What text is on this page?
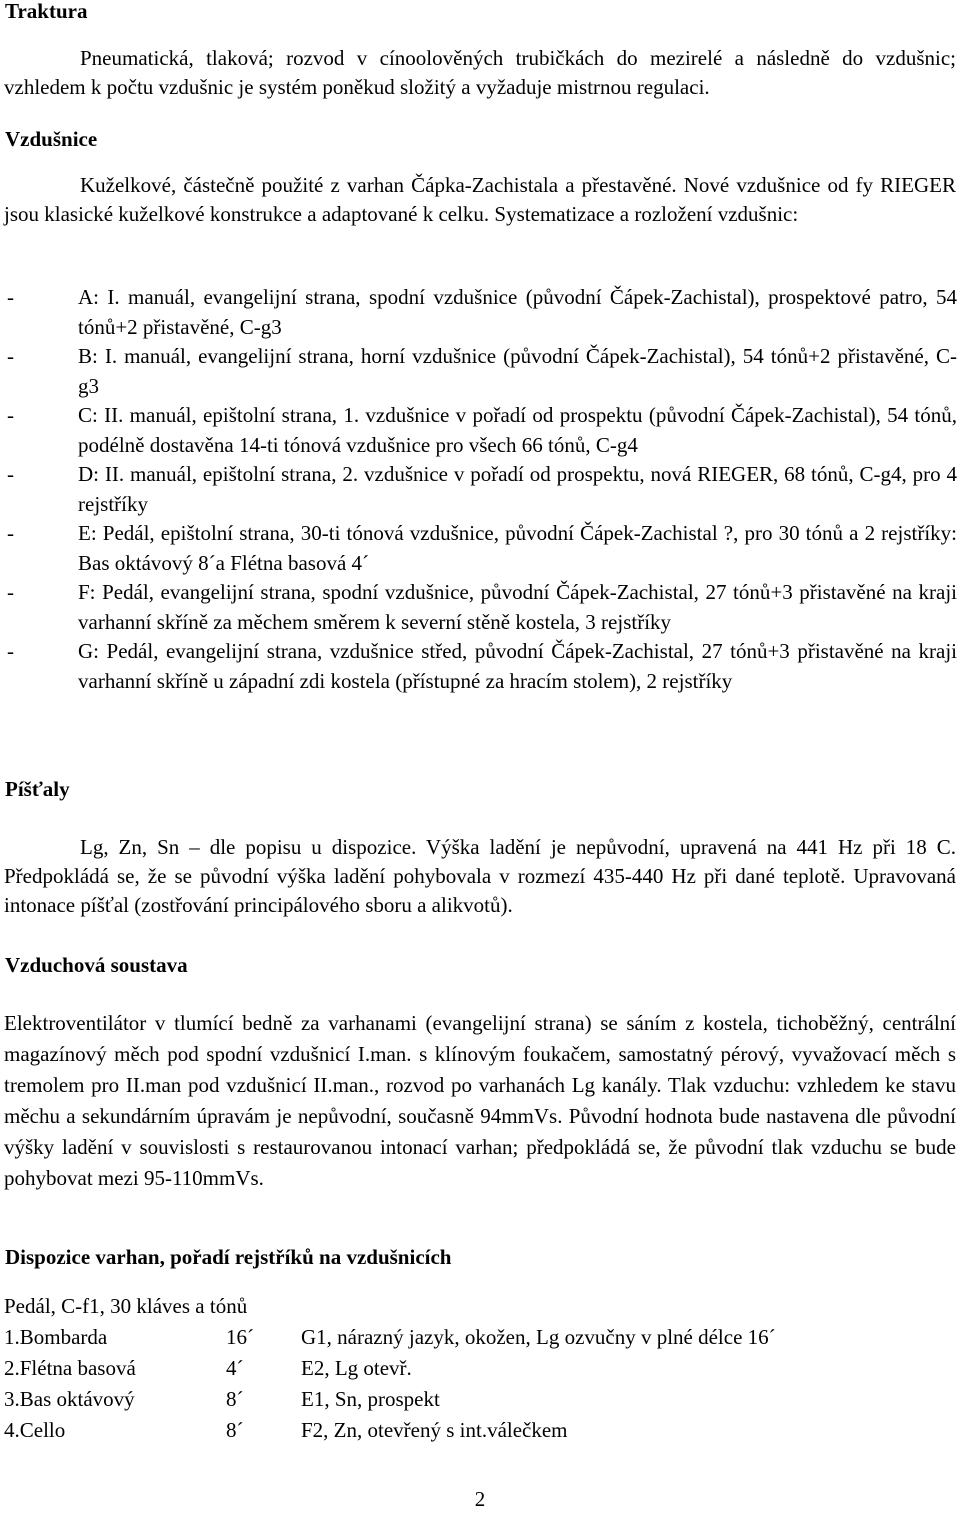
Traktura

Pneumatická, tlaková; rozvod v cínoolověných trubičkách do mezirelé a následně do vzdušnic; vzhledem k počtu vzdušnic je systém poněkud složitý a vyžaduje mistrnou regulaci.

Vzdušnice

Kuželkové, částečně použité z varhan Čápka-Zachistala a přestavěné. Nové vzdušnice od fy RIEGER jsou klasické kuželkové konstrukce a adaptované k celku. Systematizace a rozložení vzdušnic:

-	A: I. manuál, evangelijní strana, spodní vzdušnice (původní Čápek-Zachistal), prospektové patro, 54 tónů+2 přistavěné, C-g3
-	B: I. manuál, evangelijní strana, horní vzdušnice (původní Čápek-Zachistal), 54 tónů+2 přistavěné, C-g3
-	C: II. manuál, epištolní strana, 1. vzdušnice v pořadí od prospektu (původní Čápek-Zachistal), 54 tónů, podélně dostavěna 14-ti tónová vzdušnice pro všech 66 tónů, C-g4
-	D: II. manuál, epištolní strana, 2. vzdušnice v pořadí od prospektu, nová RIEGER, 68 tónů, C-g4, pro 4 rejstříky
-	E: Pedál, epištolní strana, 30-ti tónová vzdušnice, původní Čápek-Zachistal ?, pro 30 tónů a 2 rejstříky: Bas oktávový 8´a Flétna basová 4´
-	F: Pedál, evangelijní strana, spodní vzdušnice, původní Čápek-Zachistal, 27 tónů+3 přistavěné na kraji varhanní skříně za měchem směrem k severní stěně kostela, 3 rejstříky
-	G: Pedál, evangelijní strana, vzdušnice střed, původní Čápek-Zachistal, 27 tónů+3 přistavěné na kraji varhanní skříně u západní zdi kostela (přístupné za hracím stolem), 2 rejstříky
Píšťaly

Lg, Zn, Sn – dle popisu u dispozice. Výška ladění je nepůvodní, upravená na 441 Hz při 18 C. Předpokládá se, že se původní výška ladění pohybovala v rozmezí 435-440 Hz při dané teplotě. Upravovaná intonace píšťal (zostřování principálového sboru a alikvotů).

Vzduchová soustava

Elektroventilátor v tlumící bedně za varhanami (evangelijní strana) se sáním z kostela, tichoběžný, centrální magazínový měch pod spodní vzdušnicí I.man. s klínovým foukačem, samostatný pérový, vyvažovací měch s tremolem pro II.man pod vzdušnicí II.man., rozvod po varhanách Lg kanály. Tlak vzduchu: vzhledem ke stavu měchu a sekundárním úpravám je nepůvodní, současně 94mmVs. Původní hodnota bude nastavena dle původní výšky ladění v souvislosti s restaurovanou intonací varhan; předpokládá se, že původní tlak vzduchu se bude pohybovat mezi 95-110mmVs.

Dispozice varhan, pořadí rejstříků na vzdušnicích

Pedál, C-f1, 30 kláves a tónů

1.Bombarda	16´ G1, nárazný jazyk, okožen, Lg ozvučny v plné délce 16´
2.Flétna basová	4´	E2, Lg otevř.
3.Bas oktávový	8´	E1, Sn, prospekt
4.Cello	8´	F2, Zn, otevřený s int.válečkem
2
